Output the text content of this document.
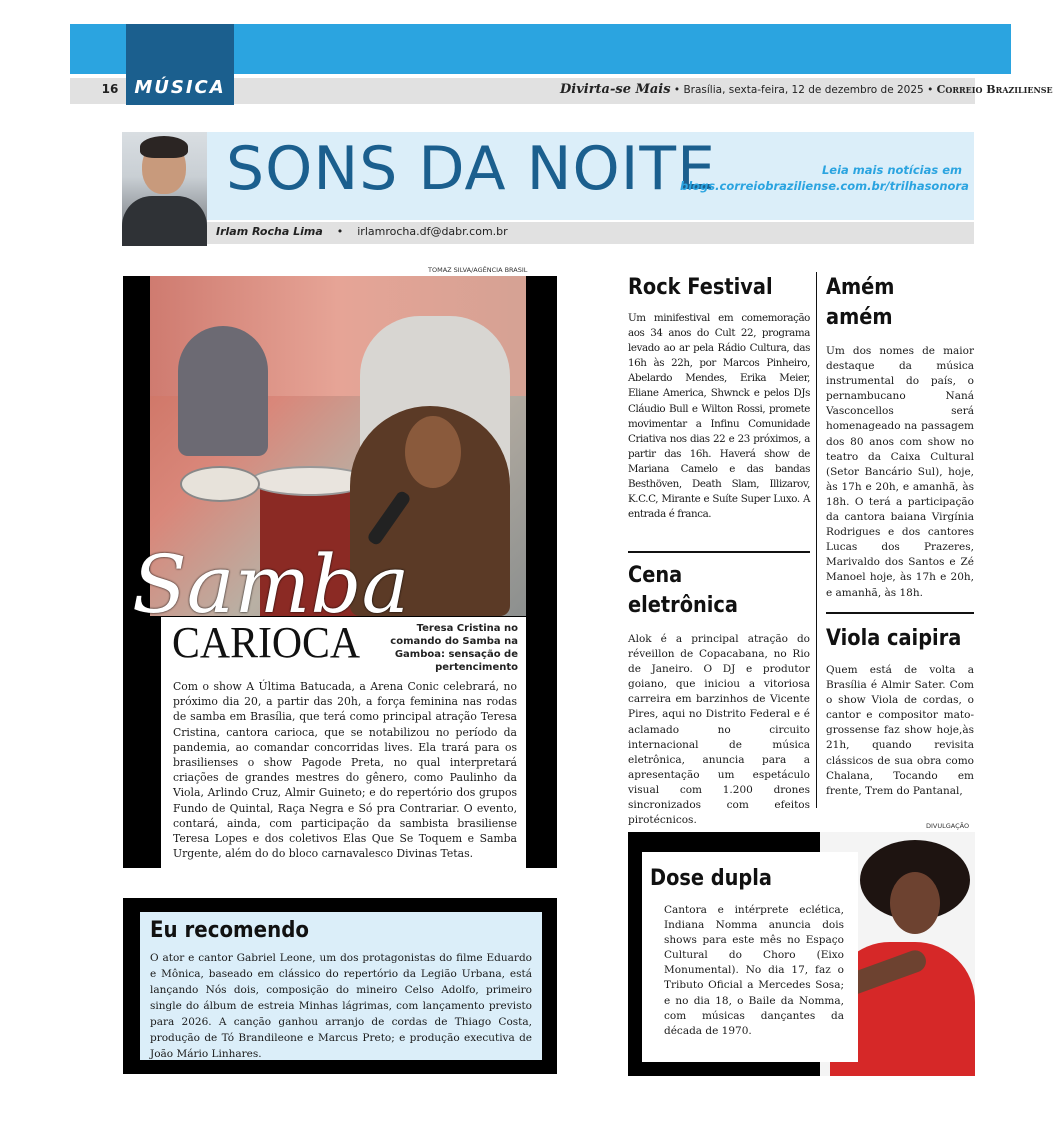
MÚSICA
16	Divirta-se Mais • Brasília, sexta-feira, 12 de dezembro de 2025 • Correio Braziliense
SONS DA NOITE	Leia mais notícias em
blogs.correiobraziliense.com.br/trilhasonora
Irlam Rocha Lima    •    irlamrocha.df@dabr.com.br
TOMAZ SILVA/AGÊNCIA BRASIL
Samba
CARIOCA	Teresa Cristina no comando do Samba na Gamboa: sensação de pertencimento
Com o show A Última Batucada, a Arena Conic celebrará, no próximo dia 20, a partir das 20h, a força feminina nas rodas de samba em Brasília, que terá como principal atração Teresa Cristina, cantora carioca, que se notabilizou no período da pandemia, ao comandar concorridas lives. Ela trará para os brasilienses o show Pagode Preta, no qual interpretará criações de grandes mestres do gênero, como Paulinho da Viola, Arlindo Cruz, Almir Guineto; e do repertório dos grupos Fundo de Quintal, Raça Negra e Só pra Contrariar. O evento, contará, ainda, com participação da sambista brasiliense Teresa Lopes e dos coletivos Elas Que Se Toquem e Samba Urgente, além do do bloco carnavalesco Divinas Tetas.
Eu recomendo
O ator e cantor Gabriel Leone, um dos protagonistas do filme Eduardo e Mônica, baseado em clássico do repertório da Legião Urbana, está lançando Nós dois, composição do mineiro Celso Adolfo, primeiro single do álbum de estreia Minhas lágrimas, com lançamento previsto para 2026. A canção ganhou arranjo de cordas de Thiago Costa, produção de Tó Brandileone e Marcus Preto; e produção executiva de João Mário Linhares.
Rock Festival
Um minifestival em comemoração aos 34 anos do Cult 22, programa levado ao ar pela Rádio Cultura, das 16h às 22h, por Marcos Pinheiro, Abelardo Mendes, Erika Meier, Eliane America, Shwnck e pelos DJs Cláudio Bull e Wilton Rossi, promete movimentar a Infinu Comunidade Criativa nos dias 22 e 23 próximos, a partir das 16h. Haverá show de Mariana Camelo e das bandas Besthöven, Death Slam, Illizarov, K.C.C, Mirante e Suíte Super Luxo. A entrada é franca.
Cena
eletrônica
Alok é a principal atração do réveillon de Copacabana, no Rio de Janeiro. O DJ e produtor goiano, que iniciou a vitoriosa carreira em barzinhos de Vicente Pires, aqui no Distrito Federal e é aclamado no circuito internacional de música eletrônica, anuncia para a apresentação um espetáculo visual com 1.200 drones sincronizados com efeitos pirotécnicos.
Amém
amém
Um dos nomes de maior destaque da música instrumental do país, o pernambucano Naná Vasconcellos será homenageado na passagem dos 80 anos com show no teatro da Caixa Cultural (Setor Bancário Sul), hoje, às 17h e 20h, e amanhã, às 18h. O terá a participação da cantora baiana Virgínia Rodrigues e dos cantores Lucas dos Prazeres, Marivaldo dos Santos e Zé Manoel hoje, às 17h e 20h, e amanhã, às 18h.
Viola caipira
Quem está de volta a Brasília é Almir Sater. Com o show Viola de cordas, o cantor e compositor mato-grossense faz show hoje,às 21h, quando revisita clássicos de sua obra como Chalana, Tocando em frente, Trem do Pantanal,
DIVULGAÇÃO
Dose dupla
Cantora e intérprete eclética, Indiana Nomma anuncia dois shows para este mês no Espaço Cultural do Choro (Eixo Monumental). No dia 17, faz o Tributo Oficial a Mercedes Sosa; e no dia 18, o Baile da Nomma, com músicas dançantes da década de 1970.
